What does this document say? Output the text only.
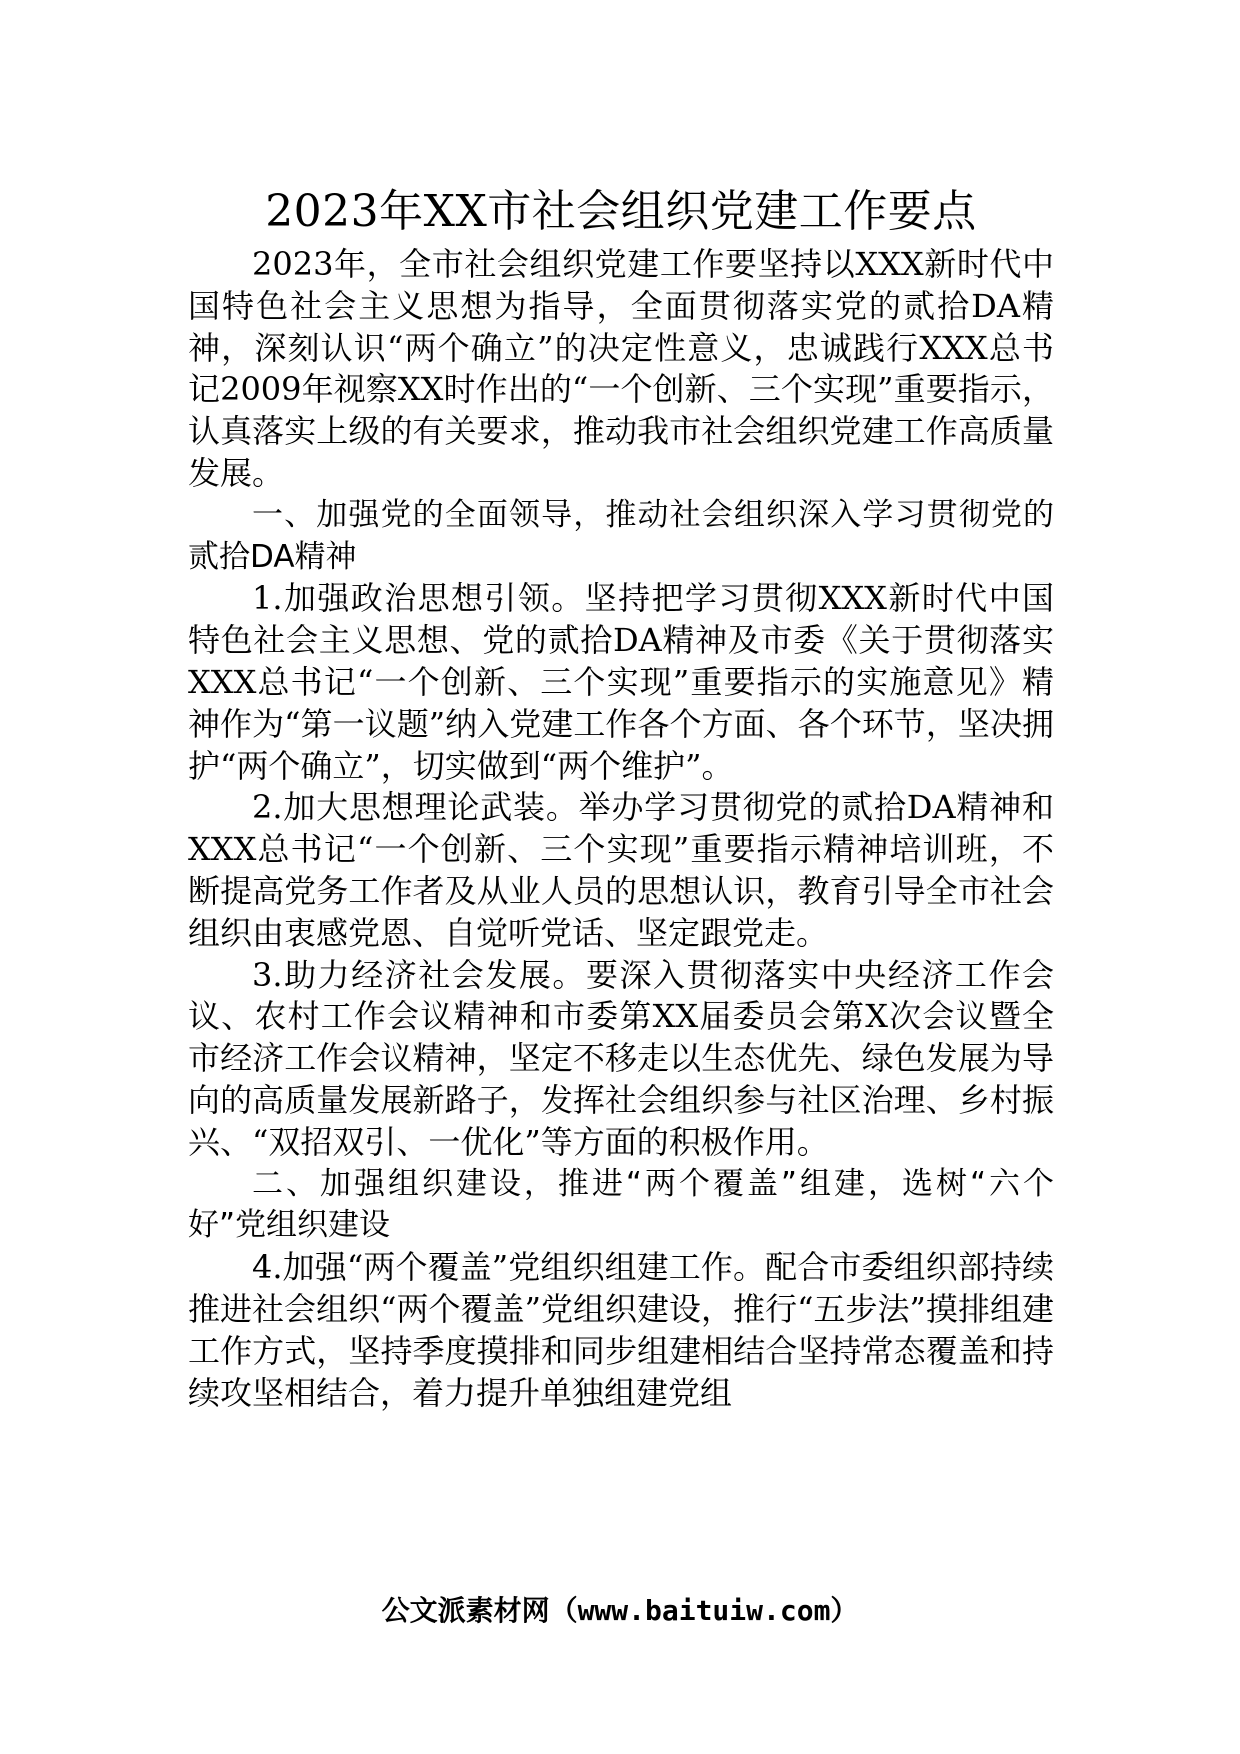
2023年XX市社会组织党建工作要点

2023年，全市社会组织党建工作要坚持以XXX新时代中国特色社会主义思想为指导，全面贯彻落实党的贰拾DA精神，深刻认识“两个确立”的决定性意义，忠诚践行XXX总书记2009年视察XX时作出的“一个创新、三个实现”重要指示，认真落实上级的有关要求，推动我市社会组织党建工作高质量发展。

一、加强党的全面领导，推动社会组织深入学习贯彻党的贰拾DA精神

1.加强政治思想引领。坚持把学习贯彻XXX新时代中国特色社会主义思想、党的贰拾DA精神及市委《关于贯彻落实XXX总书记“一个创新、三个实现”重要指示的实施意见》精神作为“第一议题”纳入党建工作各个方面、各个环节，坚决拥护“两个确立”，切实做到“两个维护”。

2.加大思想理论武装。举办学习贯彻党的贰拾DA精神和XXX总书记“一个创新、三个实现”重要指示精神培训班，不断提高党务工作者及从业人员的思想认识，教育引导全市社会组织由衷感党恩、自觉听党话、坚定跟党走。

3.助力经济社会发展。要深入贯彻落实中央经济工作会议、农村工作会议精神和市委第XX届委员会第X次会议暨全市经济工作会议精神，坚定不移走以生态优先、绿色发展为导向的高质量发展新路子，发挥社会组织参与社区治理、乡村振兴、“双招双引、一优化”等方面的积极作用。

二、加强组织建设，推进“两个覆盖”组建，选树“六个好”党组织建设

4.加强“两个覆盖”党组织组建工作。配合市委组织部持续推进社会组织“两个覆盖”党组织建设，推行“五步法”摸排组建工作方式，坚持季度摸排和同步组建相结合坚持常态覆盖和持续攻坚相结合，着力提升单独组建党组

公文派素材网（www.baituiw.com）
